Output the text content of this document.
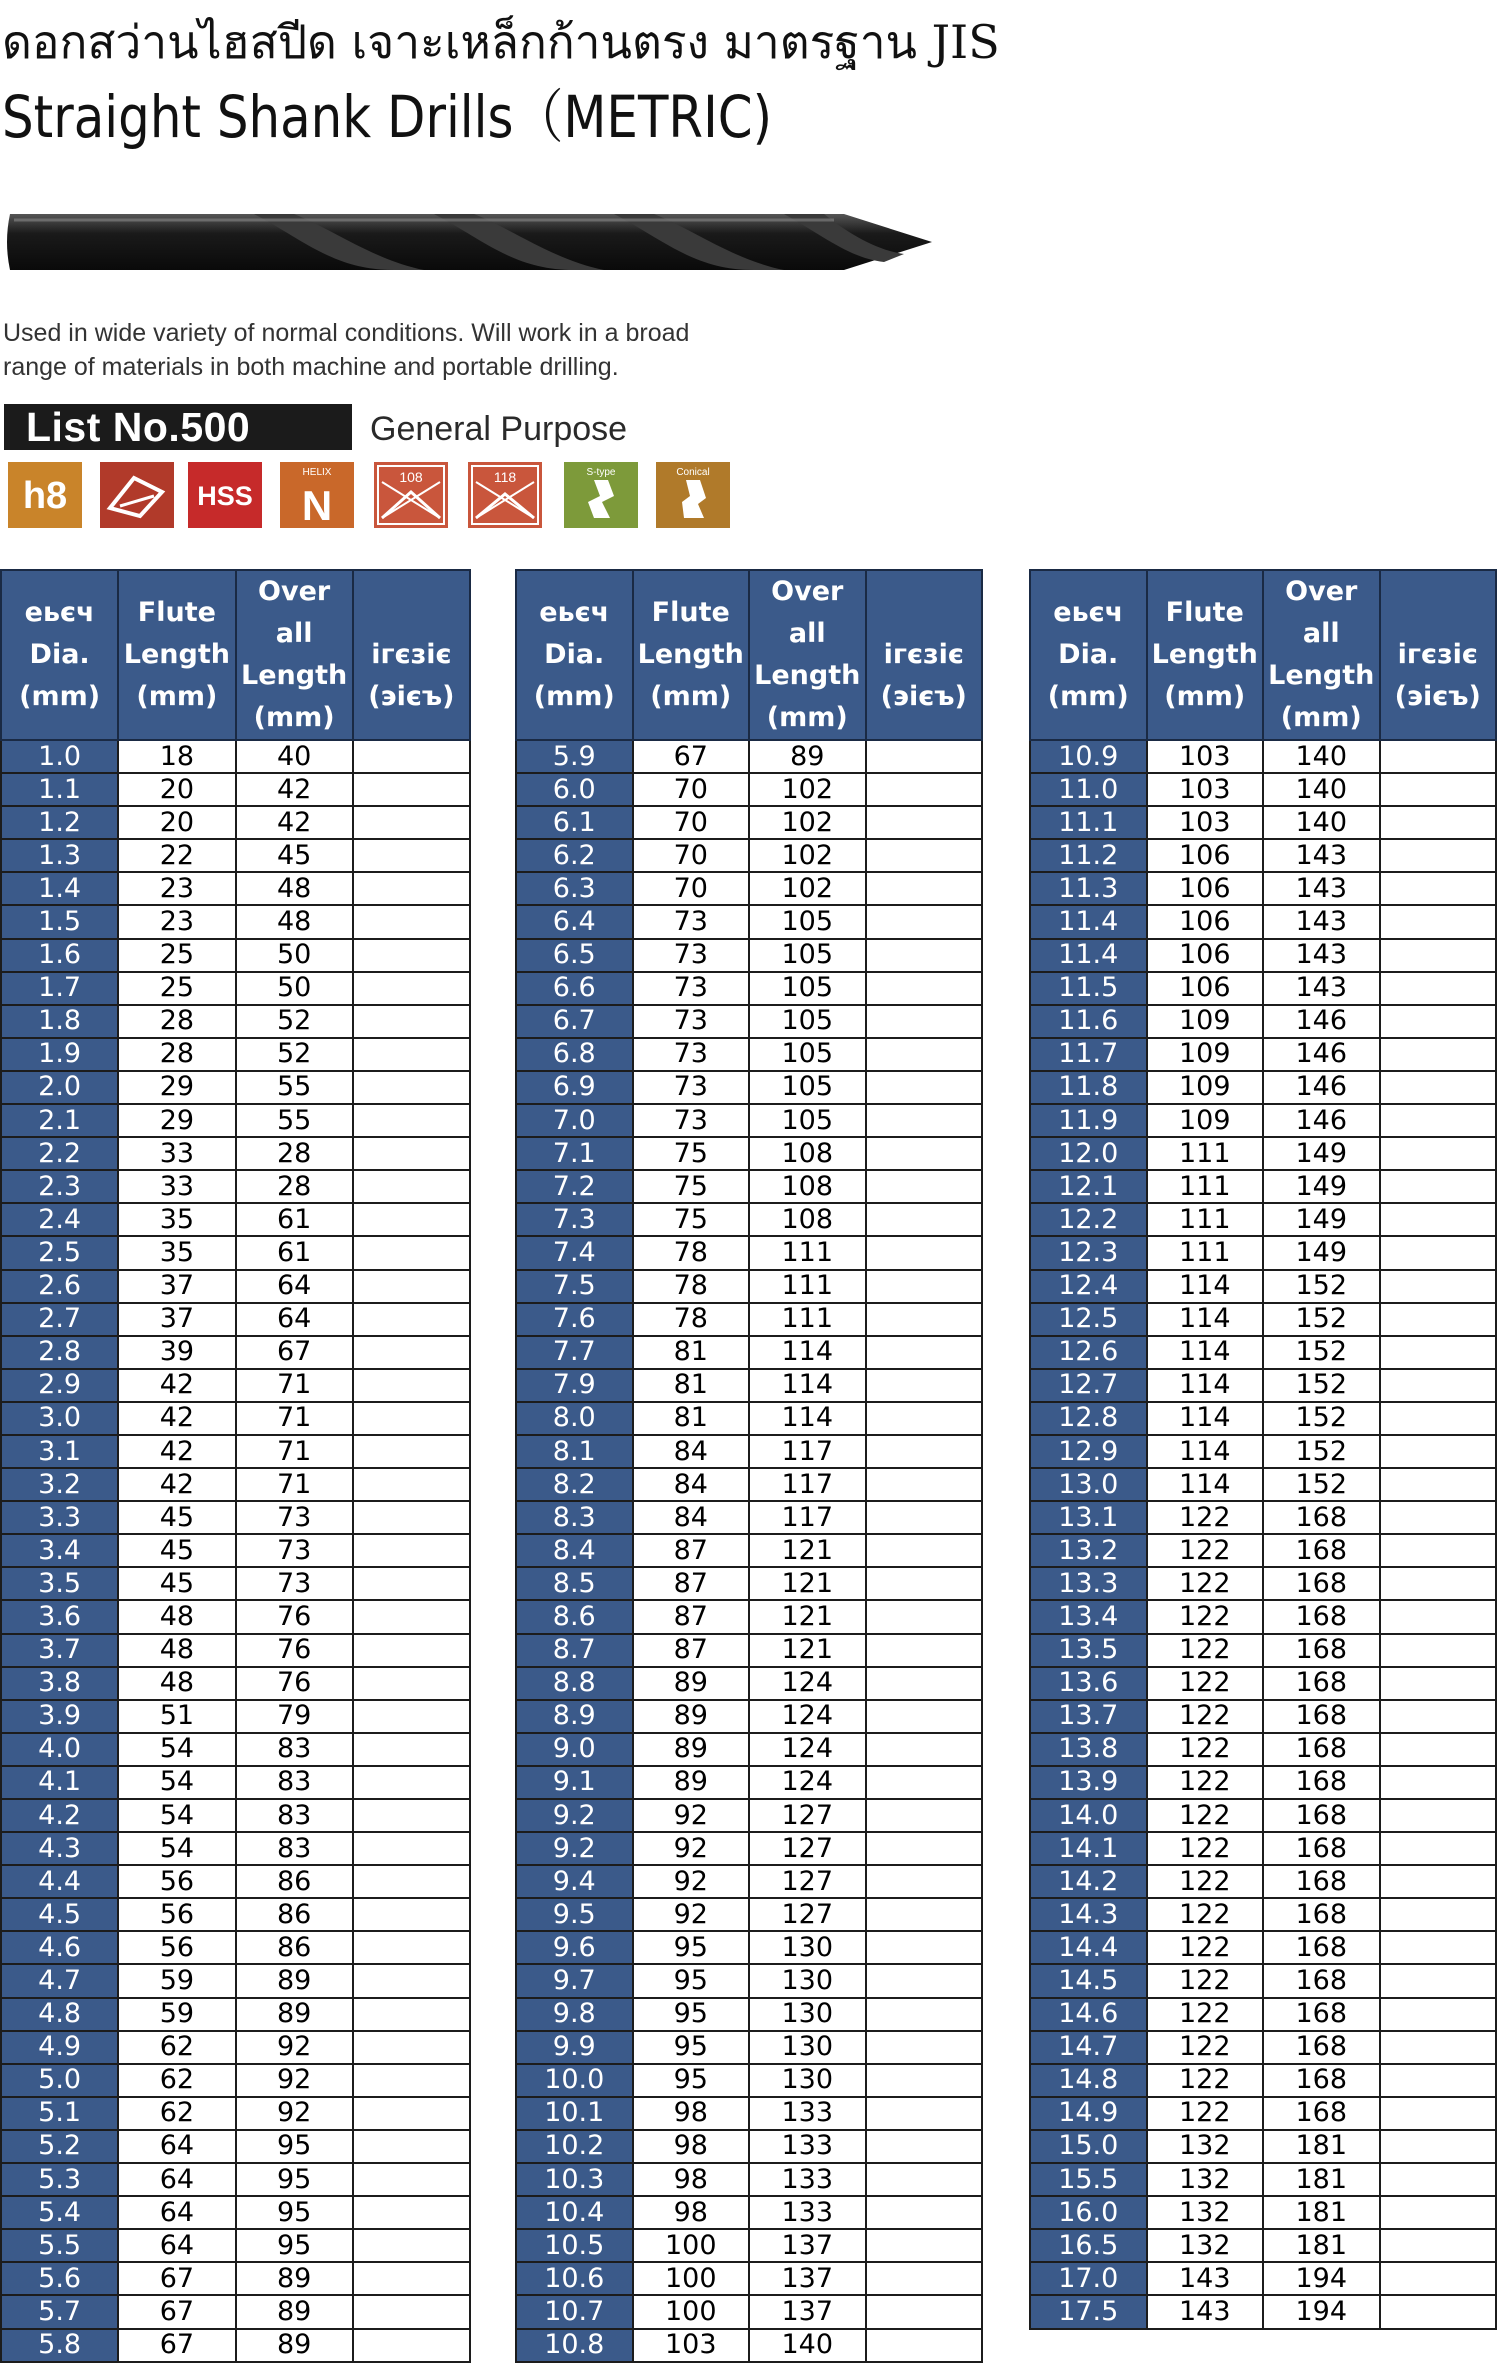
ดอกสว่านไฮสปีด เจาะเหล็กก้านตรง มาตรฐาน JIS
Straight Shank Drills（METRIC)
Used in wide variety of normal conditions. Will work in a broad
range of materials in both machine and portable drilling.
List No.500	General Purpose
h8	HSS
HELIX
N
108	118	S-type	Conical
еьєч
Dia.
(mm)	Flute
Length
(mm)	Over all
Length
(mm)	ігєзіє
(эієъ)

1.0	18	40	
1.1	20	42	
1.2	20	42	
1.3	22	45	
1.4	23	48	
1.5	23	48	
1.6	25	50	
1.7	25	50	
1.8	28	52	
1.9	28	52	
2.0	29	55	
2.1	29	55	
2.2	33	28	
2.3	33	28	
2.4	35	61	
2.5	35	61	
2.6	37	64	
2.7	37	64	
2.8	39	67	
2.9	42	71	
3.0	42	71	
3.1	42	71	
3.2	42	71	
3.3	45	73	
3.4	45	73	
3.5	45	73	
3.6	48	76	
3.7	48	76	
3.8	48	76	
3.9	51	79	
4.0	54	83	
4.1	54	83	
4.2	54	83	
4.3	54	83	
4.4	56	86	
4.5	56	86	
4.6	56	86	
4.7	59	89	
4.8	59	89	
4.9	62	92	
5.0	62	92	
5.1	62	92	
5.2	64	95	
5.3	64	95	
5.4	64	95	
5.5	64	95	
5.6	67	89	
5.7	67	89	
5.8	67	89	
еьєч
Dia.
(mm)	Flute
Length
(mm)	Over all
Length
(mm)	ігєзіє
(эієъ)

5.9	67	89	
6.0	70	102	
6.1	70	102	
6.2	70	102	
6.3	70	102	
6.4	73	105	
6.5	73	105	
6.6	73	105	
6.7	73	105	
6.8	73	105	
6.9	73	105	
7.0	73	105	
7.1	75	108	
7.2	75	108	
7.3	75	108	
7.4	78	111	
7.5	78	111	
7.6	78	111	
7.7	81	114	
7.9	81	114	
8.0	81	114	
8.1	84	117	
8.2	84	117	
8.3	84	117	
8.4	87	121	
8.5	87	121	
8.6	87	121	
8.7	87	121	
8.8	89	124	
8.9	89	124	
9.0	89	124	
9.1	89	124	
9.2	92	127	
9.2	92	127	
9.4	92	127	
9.5	92	127	
9.6	95	130	
9.7	95	130	
9.8	95	130	
9.9	95	130	
10.0	95	130	
10.1	98	133	
10.2	98	133	
10.3	98	133	
10.4	98	133	
10.5	100	137	
10.6	100	137	
10.7	100	137	
10.8	103	140	
еьєч
Dia.
(mm)	Flute
Length
(mm)	Over all
Length
(mm)	ігєзіє
(эієъ)

10.9	103	140	
11.0	103	140	
11.1	103	140	
11.2	106	143	
11.3	106	143	
11.4	106	143	
11.4	106	143	
11.5	106	143	
11.6	109	146	
11.7	109	146	
11.8	109	146	
11.9	109	146	
12.0	111	149	
12.1	111	149	
12.2	111	149	
12.3	111	149	
12.4	114	152	
12.5	114	152	
12.6	114	152	
12.7	114	152	
12.8	114	152	
12.9	114	152	
13.0	114	152	
13.1	122	168	
13.2	122	168	
13.3	122	168	
13.4	122	168	
13.5	122	168	
13.6	122	168	
13.7	122	168	
13.8	122	168	
13.9	122	168	
14.0	122	168	
14.1	122	168	
14.2	122	168	
14.3	122	168	
14.4	122	168	
14.5	122	168	
14.6	122	168	
14.7	122	168	
14.8	122	168	
14.9	122	168	
15.0	132	181	
15.5	132	181	
16.0	132	181	
16.5	132	181	
17.0	143	194	
17.5	143	194	
